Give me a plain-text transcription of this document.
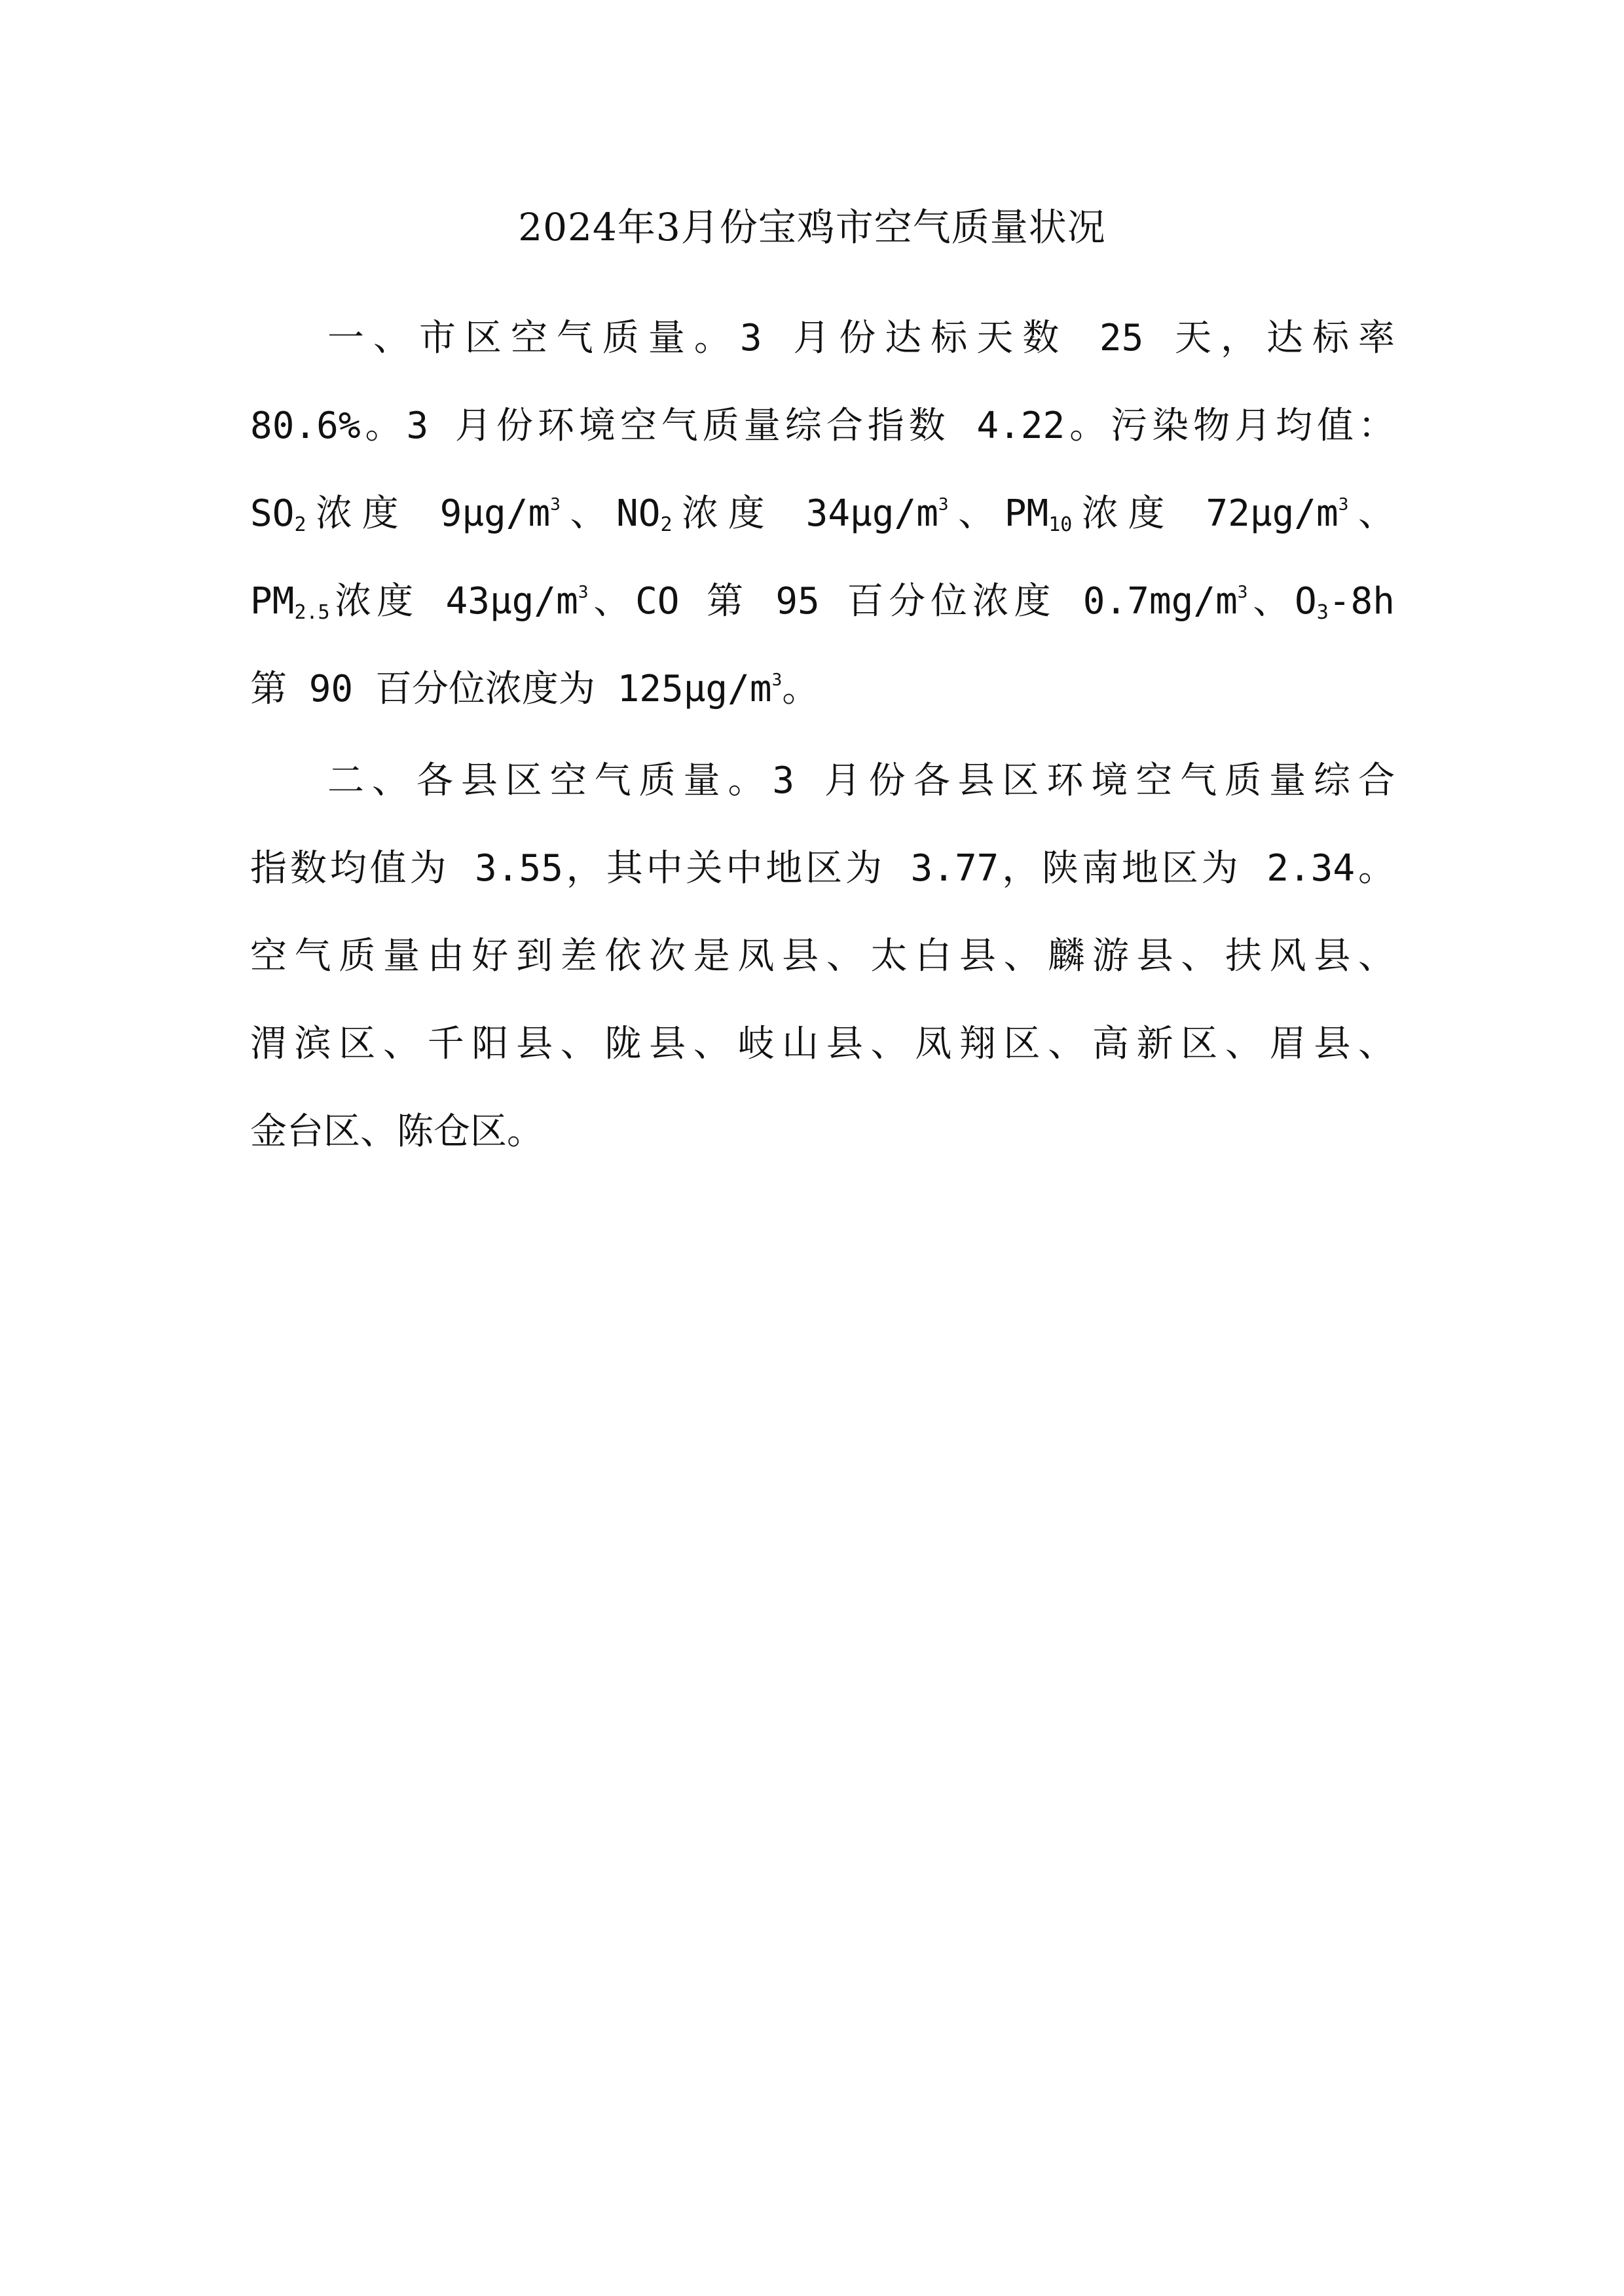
2024年3月份宝鸡市空气质量状况
一、市区空气质量。3 月份达标天数 25 天，达标率
80.6%。3 月份环境空气质量综合指数 4.22。污染物月均值：
$SO_2$浓度 $9\mu g/m^3$、$NO_2$浓度 $34\mu g/m^3$、$PM_{10}$浓度 $72\mu g/m^3$、
$PM_{2.5}$浓度 $43\mu g/m^3$、CO 第 95 百分位浓度 $0.7mg/m^3$、$O_3-8h$
第 90 百分位浓度为 $125\mu g/m^3$。
二、各县区空气质量。3 月份各县区环境空气质量综合
指数均值为 3.55，其中关中地区为 3.77，陕南地区为 2.34。
空气质量由好到差依次是凤县、太白县、麟游县、扶风县、
渭滨区、千阳县、陇县、岐山县、凤翔区、高新区、眉县、
金台区、陈仓区。
